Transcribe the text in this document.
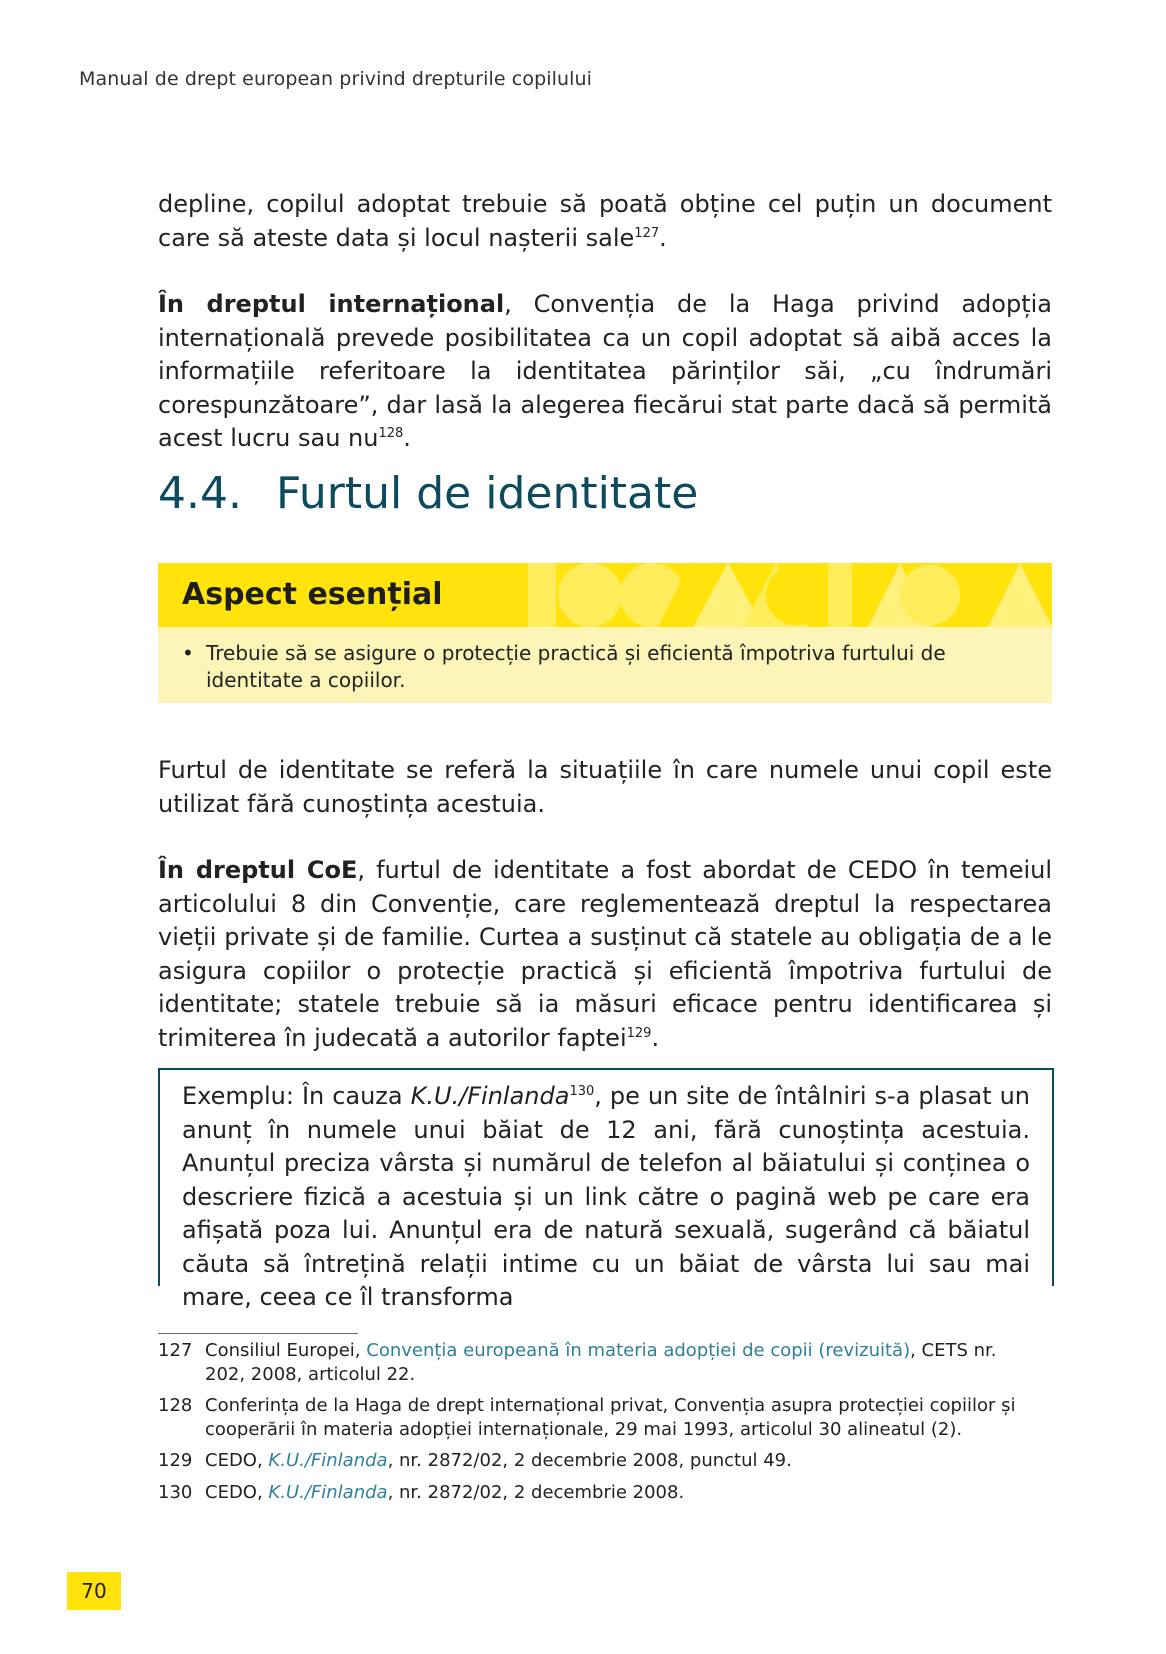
Manual de drept european privind drepturile copilului

depline, copilul adoptat trebuie să poată obține cel puțin un document care să ateste data și locul nașterii sale$^{127}$.

În dreptul internațional, Convenția de la Haga privind adopția internațională prevede posibilitatea ca un copil adoptat să aibă acces la informațiile referitoare la identitatea părinților săi, „cu îndrumări corespunzătoare”, dar lasă la alegerea fiecărui stat parte dacă să permită acest lucru sau $nu^{128}$.

4.4. Furtul de identitate
Aspect esențial
• Trebuie să se asigure o protecție practică și eficientă împotriva furtului de identitate a copiilor.

Furtul de identitate se referă la situațiile în care numele unui copil este utilizat fără cunoștința acestuia.

În dreptul CoE, furtul de identitate a fost abordat de CEDO în temeiul articolului 8 din Convenție, care reglementează dreptul la respectarea vieții private și de familie. Curtea a susținut că statele au obligația de a le asigura copiilor o protecție practică și eficientă împotriva furtului de identitate; statele trebuie să ia măsuri eficace pentru identificarea și trimiterea în judecată a autorilor faptei$^{129}$.

Exemplu: În cauza K.U./Finlanda$^{130}$, pe un site de întâlniri s-a plasat un anunț în numele unui băiat de 12 ani, fără cunoștința acestuia. Anunțul preciza vârsta și numărul de telefon al băiatului și conținea o descriere fizică a acestuia și un link către o pagină web pe care era afișată poza lui. Anunțul era de natură sexuală, sugerând că băiatul căuta să întrețină relații intime cu un băiat de vârsta lui sau mai mare, ceea ce îl transforma

127 Consiliul Europei, Convenția europeană în materia adopției de copii (revizuită), CETS nr. 202, 2008, articolul 22.
128 Conferința de la Haga de drept internațional privat, Convenția asupra protecției copiilor și cooperării în materia adopției internaționale, 29 mai 1993, articolul 30 alineatul (2).
129 CEDO, K.U./Finlanda, nr. 2872/02, 2 decembrie 2008, punctul 49.
130 CEDO, K.U./Finlanda, nr. 2872/02, 2 decembrie 2008.
70
